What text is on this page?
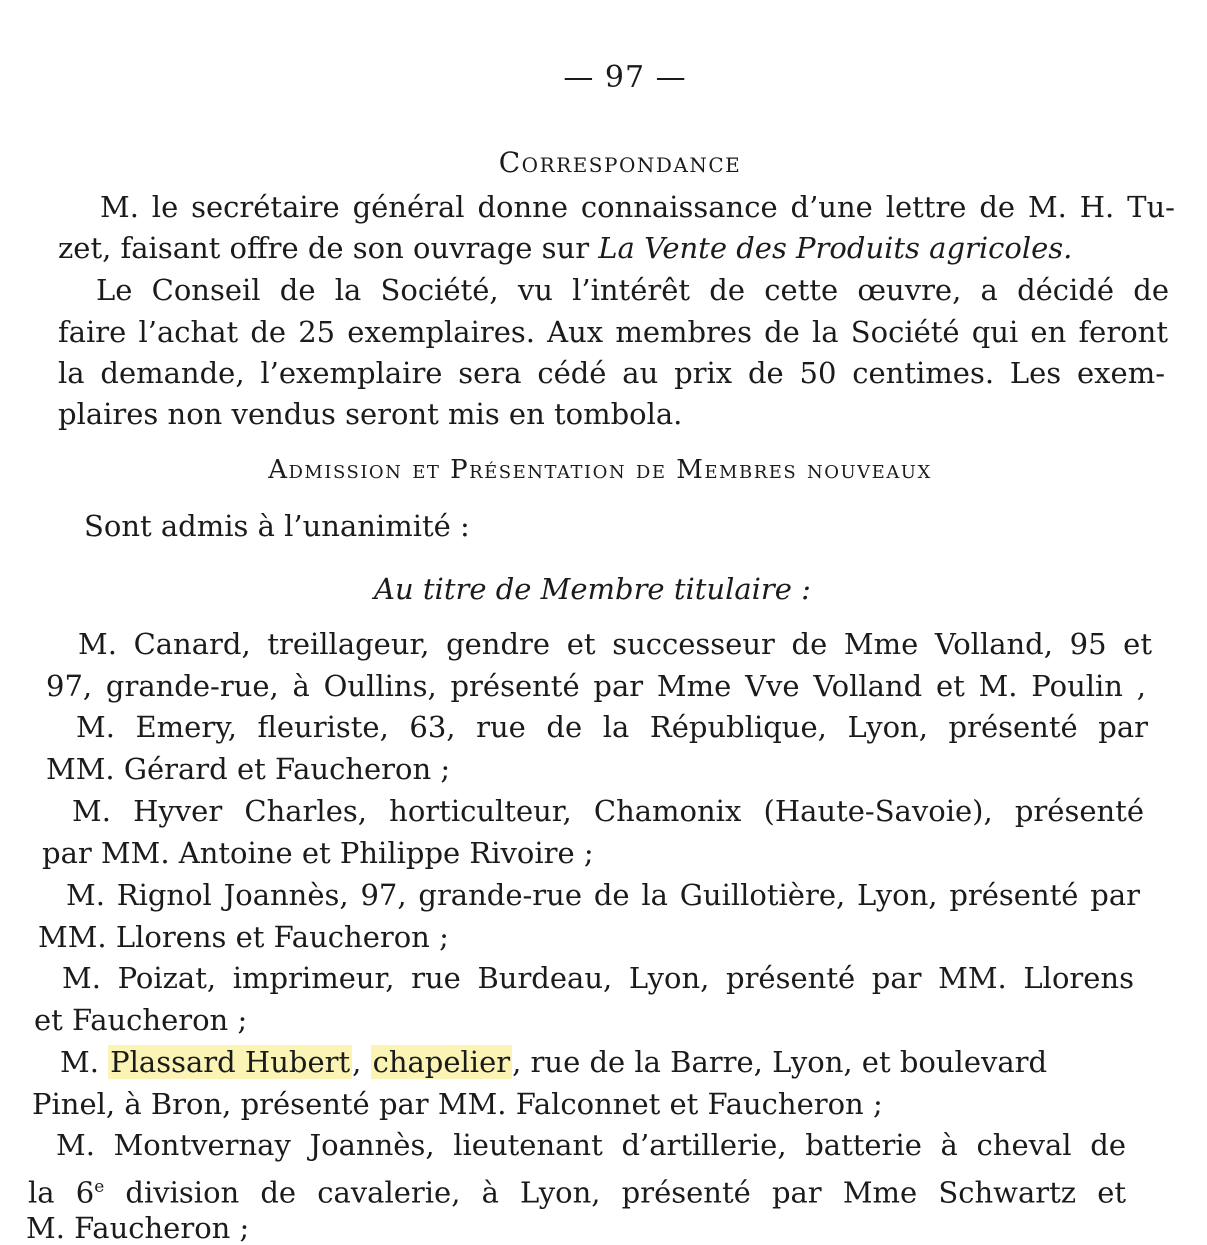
— 97 —
Correspondance
M. le secrétaire général donne connaissance d’une lettre de M. H. Tu-
zet, faisant offre de son ouvrage sur La Vente des Produits agricoles.
Le Conseil de la Société, vu l’intérêt de cette œuvre, a décidé de
faire l’achat de 25 exemplaires. Aux membres de la Société qui en feront
la demande, l’exemplaire sera cédé au prix de 50 centimes. Les exem-
plaires non vendus seront mis en tombola.
Admission et Présentation de Membres nouveaux
Sont admis à l’unanimité :
Au titre de Membre titulaire :
M. Canard, treillageur, gendre et successeur de Mme Volland, 95 et
97, grande-rue, à Oullins, présenté par Mme Vve Volland et M. Poulin ,
M. Emery, fleuriste, 63, rue de la République, Lyon, présenté par
MM. Gérard et Faucheron ;
M. Hyver Charles, horticulteur, Chamonix (Haute-Savoie), présenté
par MM. Antoine et Philippe Rivoire ;
M. Rignol Joannès, 97, grande-rue de la Guillotière, Lyon, présenté par
MM. Llorens et Faucheron ;
M. Poizat, imprimeur, rue Burdeau, Lyon, présenté par MM. Llorens
et Faucheron ;
M. Plassard Hubert, chapelier, rue de la Barre, Lyon, et boulevard
Pinel, à Bron, présenté par MM. Falconnet et Faucheron ;
M. Montvernay Joannès, lieutenant d’artillerie, batterie à cheval de
la 6e division de cavalerie, à Lyon, présenté par Mme Schwartz et
M. Faucheron ;
